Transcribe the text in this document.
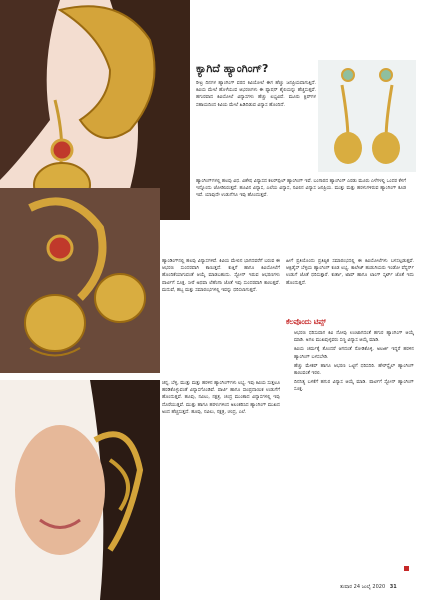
ಕ್ಯಾಗಿದೆ ಹ್ಯಾಂಗಿಂಗ್?
ರೀಟ್ರ ದಿನಗಳ ಹ್ಯಾಂಗಿಂಗ್ ವರದ ಕಿವಿಯೋಲೆ ಈಗ ಹೆಚ್ಚು ಜನಪ್ರಿಯವಾಗುತ್ತಿದೆ. ಕಿವಿಯ ಮೇಲೆ ಹೊಳೆಯುವ ಆಭರಣಗಳು ಈ ಫ್ಯಾಷನ್ ಶೈಲಿಯನ್ನು ಹೆಚ್ಚಿಸುತ್ತವೆ. ಹಗುರವಾದ ಕಿವಿಯೋಲೆ ವಿನ್ಯಾಸಗಳು ಹೆಚ್ಚು ಲಭ್ಯವಿವೆ. ಮೂರು ಕ್ಲಿಪ್‌ಗಳ ಸಹಾಯದಿಂದ ಕಿವಿಯ ಮೇಲೆ ಹಿಡಿದಿಡುವ ವಿನ್ಯಾಸ ಹೊಂದಿದೆ.
ಹ್ಯಾಂಗಿಂಗ್‌ಗಳಲ್ಲಿ ಹಲವು ವಿಧ. ವಿಶೇಷ ವಿನ್ಯಾಸದ ಕಲರ್‌ಫುಲ್ ಹ್ಯಾಂಗಿಂಗ್ ಇವೆ. ಬಂಗಾರದ ಹ್ಯಾಂಗಿಂಗ್ ಎರಡು ಮೂರು ಎಳೆಗಳಲ್ಲಿ ಒಂದರ ಕೆಳಗೆ ಇನ್ನೊಂದು ಜೋಡಿಸಿರುತ್ತವೆ. ಹೂವಿನ ವಿನ್ಯಾಸ, ಎಲೆಯ ವಿನ್ಯಾಸ, ನವಿಲಿನ ವಿನ್ಯಾಸ ಜನಪ್ರಿಯ. ಮುತ್ತು ಮತ್ತು ಹರಳುಗಳಿರುವ ಹ್ಯಾಂಗಿಂಗ್ ಕೂಡ ಇವೆ. ಯಾವುದೇ ಉಡುಗೆಗೂ ಇವು ಹೊಂದುತ್ತವೆ.
ಹ್ಯಾಂಡಿಂಗ್‌ನಲ್ಲಿ ಹಲವು ವಿನ್ಯಾಸಗಳಿವೆ. ಕಿವಿಯ ಮೇಲಿನ ಭಾಗದವರೆಗೆ ಬರುವ ಈ ಆಭರಣ ಸುಂದರವಾಗಿ ಕಾಣುತ್ತದೆ. ಕುತ್ತಿಗೆ ಹಾಗೂ ಕಿವಿಯೋಲೆಗೆ ಹೊಂದಿಕೆಯಾಗುವಂತೆ ಆಯ್ಕೆ ಮಾಡಬಹುದು. ಸ್ಟೋನ್ ಇರುವ ಆಭರಣಗಳು ಪಾರ್ಟಿಗೆ ಸೂಕ್ತ. ಸೀರೆ ಅಥವಾ ಲೆಹೆಂಗಾ ಜೊತೆ ಇವು ಸುಂದರವಾಗಿ ಕಾಣುತ್ತವೆ. ಮದುವೆ, ಹಬ್ಬ ಮತ್ತು ಸಮಾರಂಭಗಳಲ್ಲಿ ಇವನ್ನು ಧರಿಸಲಾಗುತ್ತದೆ.
ಚಿನ್ನ, ಬೆಳ್ಳಿ, ಮುತ್ತು ಮತ್ತು ಹರಳಿನ ಹ್ಯಾಂಗಿಂಗ್‌ಗಳು ಲಭ್ಯ. ಇವು ಕಿವಿಯ ಸುತ್ತಲೂ ಹರಡಿಕೊಳ್ಳುವಂತೆ ವಿನ್ಯಾಸಗೊಂಡಿವೆ. ಪಾರ್ಟಿ ಹಾಗೂ ಸಾಂಪ್ರದಾಯಿಕ ಉಡುಗೆಗೆ ಹೊಂದುತ್ತವೆ. ಹೂವು, ನವಿಲು, ನಕ್ಷತ್ರ, ಚಂದ್ರ ಮುಂತಾದ ವಿನ್ಯಾಸಗಳಲ್ಲಿ ಇವು ದೊರೆಯುತ್ತವೆ. ಮುತ್ತು ಹಾಗೂ ಹರಳುಗಳಿಂದ ಅಲಂಕರಿಸಿದ ಹ್ಯಾಂಗಿಂಗ್ ಮುಖದ ಅಂದ ಹೆಚ್ಚಿಸುತ್ತದೆ. ಹೂವು, ನವಿಲು, ನಕ್ಷತ್ರ, ಚಂದ್ರ, ಎಲೆ.
ಹೀಗೆ ಪ್ರತಿಯೊಂದು ಪ್ರತಿಷ್ಠಿತ ಸಮಾರಂಭದಲ್ಲಿ ಈ ಕಿವಿಯೋಲೆಗಳು ಬಳಸಲ್ಪಡುತ್ತವೆ. ಆಕ್ಸಿಡೈಸ್ ಬೆಳ್ಳಿಯ ಹ್ಯಾಂಗಿಂಗ್ ಕೂಡ ಲಭ್ಯ. ಕಾಲೇಜ್ ಹುಡುಗಿಯರು ಇಂಡೋ ವೆಸ್ಟರ್ನ್ ಉಡುಗೆ ಜೊತೆ ಧರಿಸುತ್ತಾರೆ. ಕುರ್ತಾ, ಟಾಪ್ ಹಾಗೂ ಲಾಂಗ್ ಸ್ಕರ್ಟ್ ಜೊತೆ ಇದು ಹೊಂದುತ್ತದೆ.
ಕೆಲವೊಂದು ಟಿಪ್ಸ್
• ಆಭರಣ ಧರಿಸುವಾಗ ಕಿವಿ ನೋವು ಉಂಟಾಗದಂತೆ ಹಗುರ ಹ್ಯಾಂಗಿಂಗ್ ಆಯ್ಕೆ ಮಾಡಿ. ಅಗಲ ಮುಖವುಳ್ಳವರು ಸಣ್ಣ ವಿನ್ಯಾಸ ಆಯ್ಕೆ ಮಾಡಿ.
• ಕಿವಿಯ ಚರ್ಮಕ್ಕೆ ತೊಂದರೆ ಆಗದಂತೆ ನೋಡಿಕೊಳ್ಳಿ. ಅಲರ್ಜಿ ಇದ್ದರೆ ಹರಳಿನ ಹ್ಯಾಂಗಿಂಗ್ ಬಳಸಬೇಡಿ.
• ಹೆಚ್ಚು ಮೇಕಪ್ ಹಾಗೂ ಆಭರಣ ಒಟ್ಟಿಗೆ ಧರಿಸದಿರಿ. ಹೇರ್‌ಸ್ಟೈಲ್ ಹ್ಯಾಂಗಿಂಗ್ ಕಾಣುವಂತೆ ಇರಲಿ.
• ದಿನನಿತ್ಯ ಬಳಕೆಗೆ ಹಗುರ ವಿನ್ಯಾಸ ಆಯ್ಕೆ ಮಾಡಿ. ಪಾರ್ಟಿಗೆ ಸ್ಟೋನ್ ಹ್ಯಾಂಗಿಂಗ್ ಸೂಕ್ತ.
ತುಷಾರ 24 ಜುಲೈ 2020 31
